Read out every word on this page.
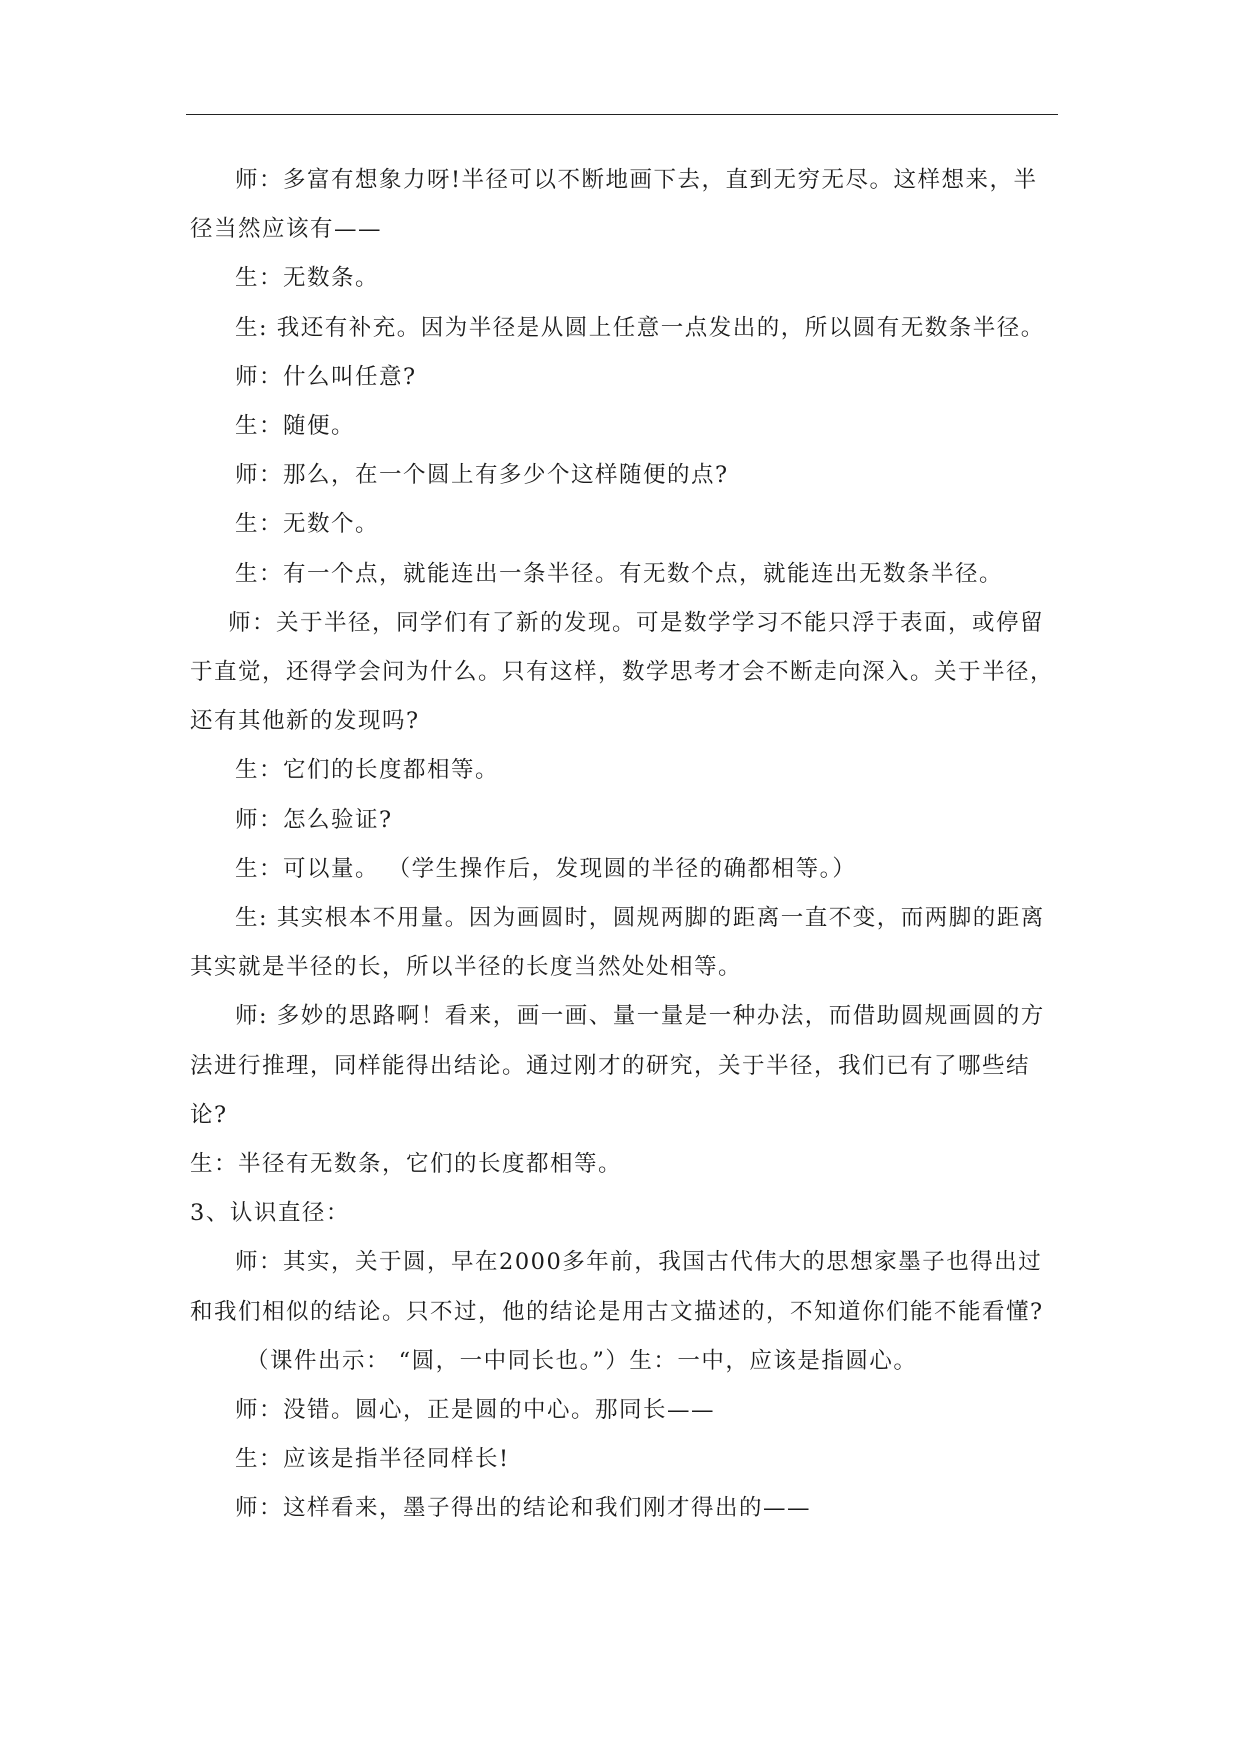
师：多富有想象力呀!半径可以不断地画下去，直到无穷无尽。这样想来，半径当然应该有——

生：无数条。

生: 我还有补充。因为半径是从圆上任意一点发出的，所以圆有无数条半径。

师：什么叫任意?

生：随便。

师：那么，在一个圆上有多少个这样随便的点?

生：无数个。

生：有一个点，就能连出一条半径。有无数个点，就能连出无数条半径。

师：关于半径，同学们有了新的发现。可是数学学习不能只浮于表面，或停留于直觉，还得学会问为什么。只有这样，数学思考才会不断走向深入。关于半径，还有其他新的发现吗?

生：它们的长度都相等。

师：怎么验证?

生：可以量。 （学生操作后，发现圆的半径的确都相等。）

生: 其实根本不用量。因为画圆时，圆规两脚的距离一直不变，而两脚的距离其实就是半径的长，所以半径的长度当然处处相等。

师: 多妙的思路啊！看来，画一画、量一量是一种办法，而借助圆规画圆的方法进行推理，同样能得出结论。通过刚才的研究，关于半径，我们已有了哪些结论?

生：半径有无数条，它们的长度都相等。

3、认识直径：

师：其实，关于圆，早在2000多年前，我国古代伟大的思想家墨子也得出过和我们相似的结论。只不过，他的结论是用古文描述的，不知道你们能不能看懂?

（课件出示： “圆，一中同长也。”）生：一中，应该是指圆心。

师：没错。圆心，正是圆的中心。那同长——

生：应该是指半径同样长!

师：这样看来，墨子得出的结论和我们刚才得出的——
